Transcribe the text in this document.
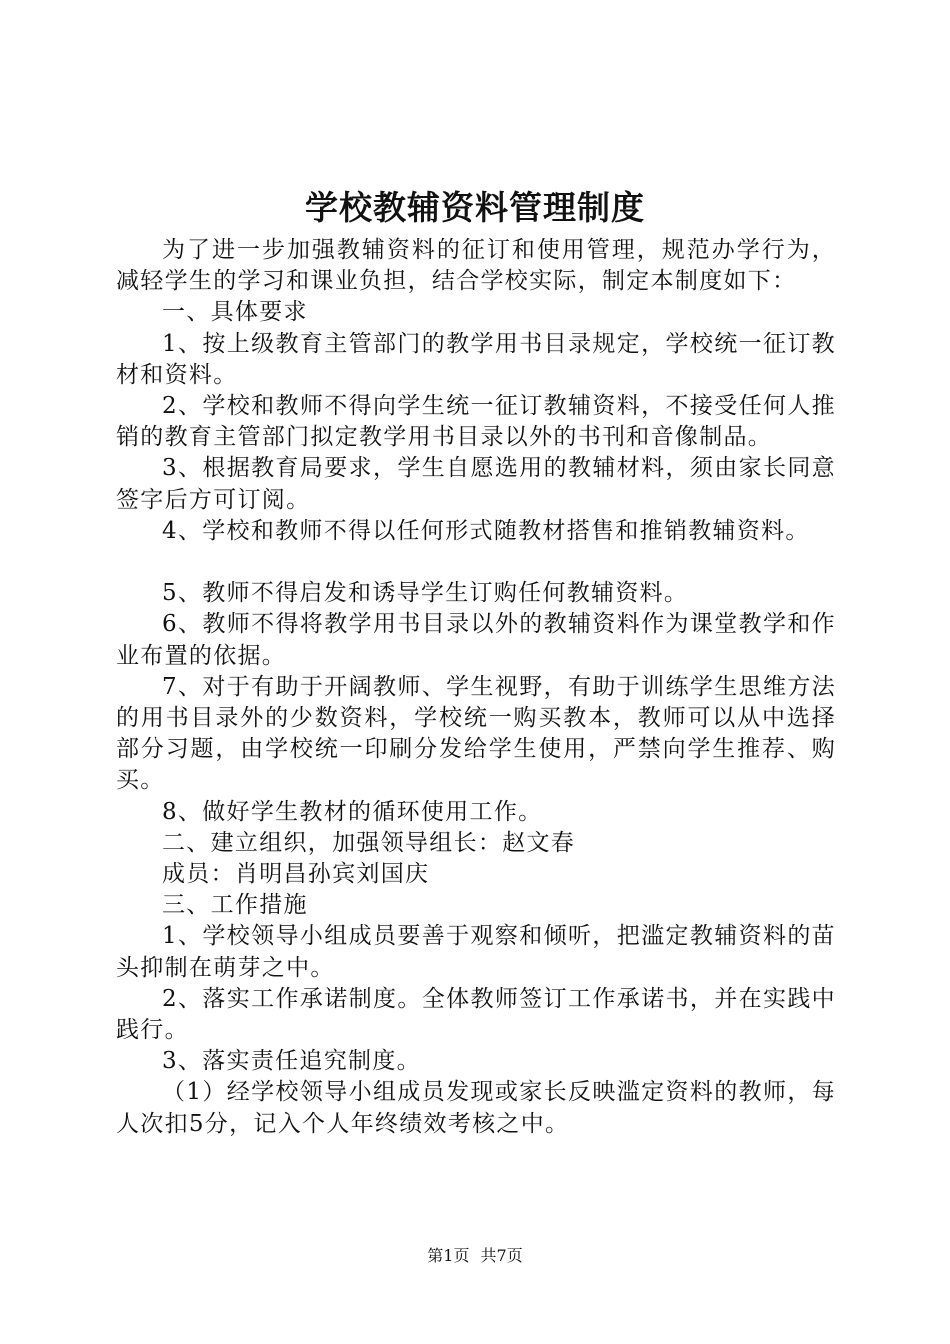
学校教辅资料管理制度

为了进一步加强教辅资料的征订和使用管理，规范办学行为，减轻学生的学习和课业负担，结合学校实际，制定本制度如下：

一、具体要求

1、按上级教育主管部门的教学用书目录规定，学校统一征订教材和资料。

2、学校和教师不得向学生统一征订教辅资料，不接受任何人推销的教育主管部门拟定教学用书目录以外的书刊和音像制品。

3、根据教育局要求，学生自愿选用的教辅材料，须由家长同意签字后方可订阅。

4、学校和教师不得以任何形式随教材搭售和推销教辅资料。

5、教师不得启发和诱导学生订购任何教辅资料。

6、教师不得将教学用书目录以外的教辅资料作为课堂教学和作业布置的依据。

7、对于有助于开阔教师、学生视野，有助于训练学生思维方法的用书目录外的少数资料，学校统一购买教本，教师可以从中选择部分习题，由学校统一印刷分发给学生使用，严禁向学生推荐、购买。

8、做好学生教材的循环使用工作。

二、建立组织，加强领导组长：赵文春

成员：肖明昌孙宾刘国庆

三、工作措施

1、学校领导小组成员要善于观察和倾听，把滥定教辅资料的苗头抑制在萌芽之中。

2、落实工作承诺制度。全体教师签订工作承诺书，并在实践中践行。

3、落实责任追究制度。

（1）经学校领导小组成员发现或家长反映滥定资料的教师，每人次扣5分，记入个人年终绩效考核之中。

第1页 共7页
